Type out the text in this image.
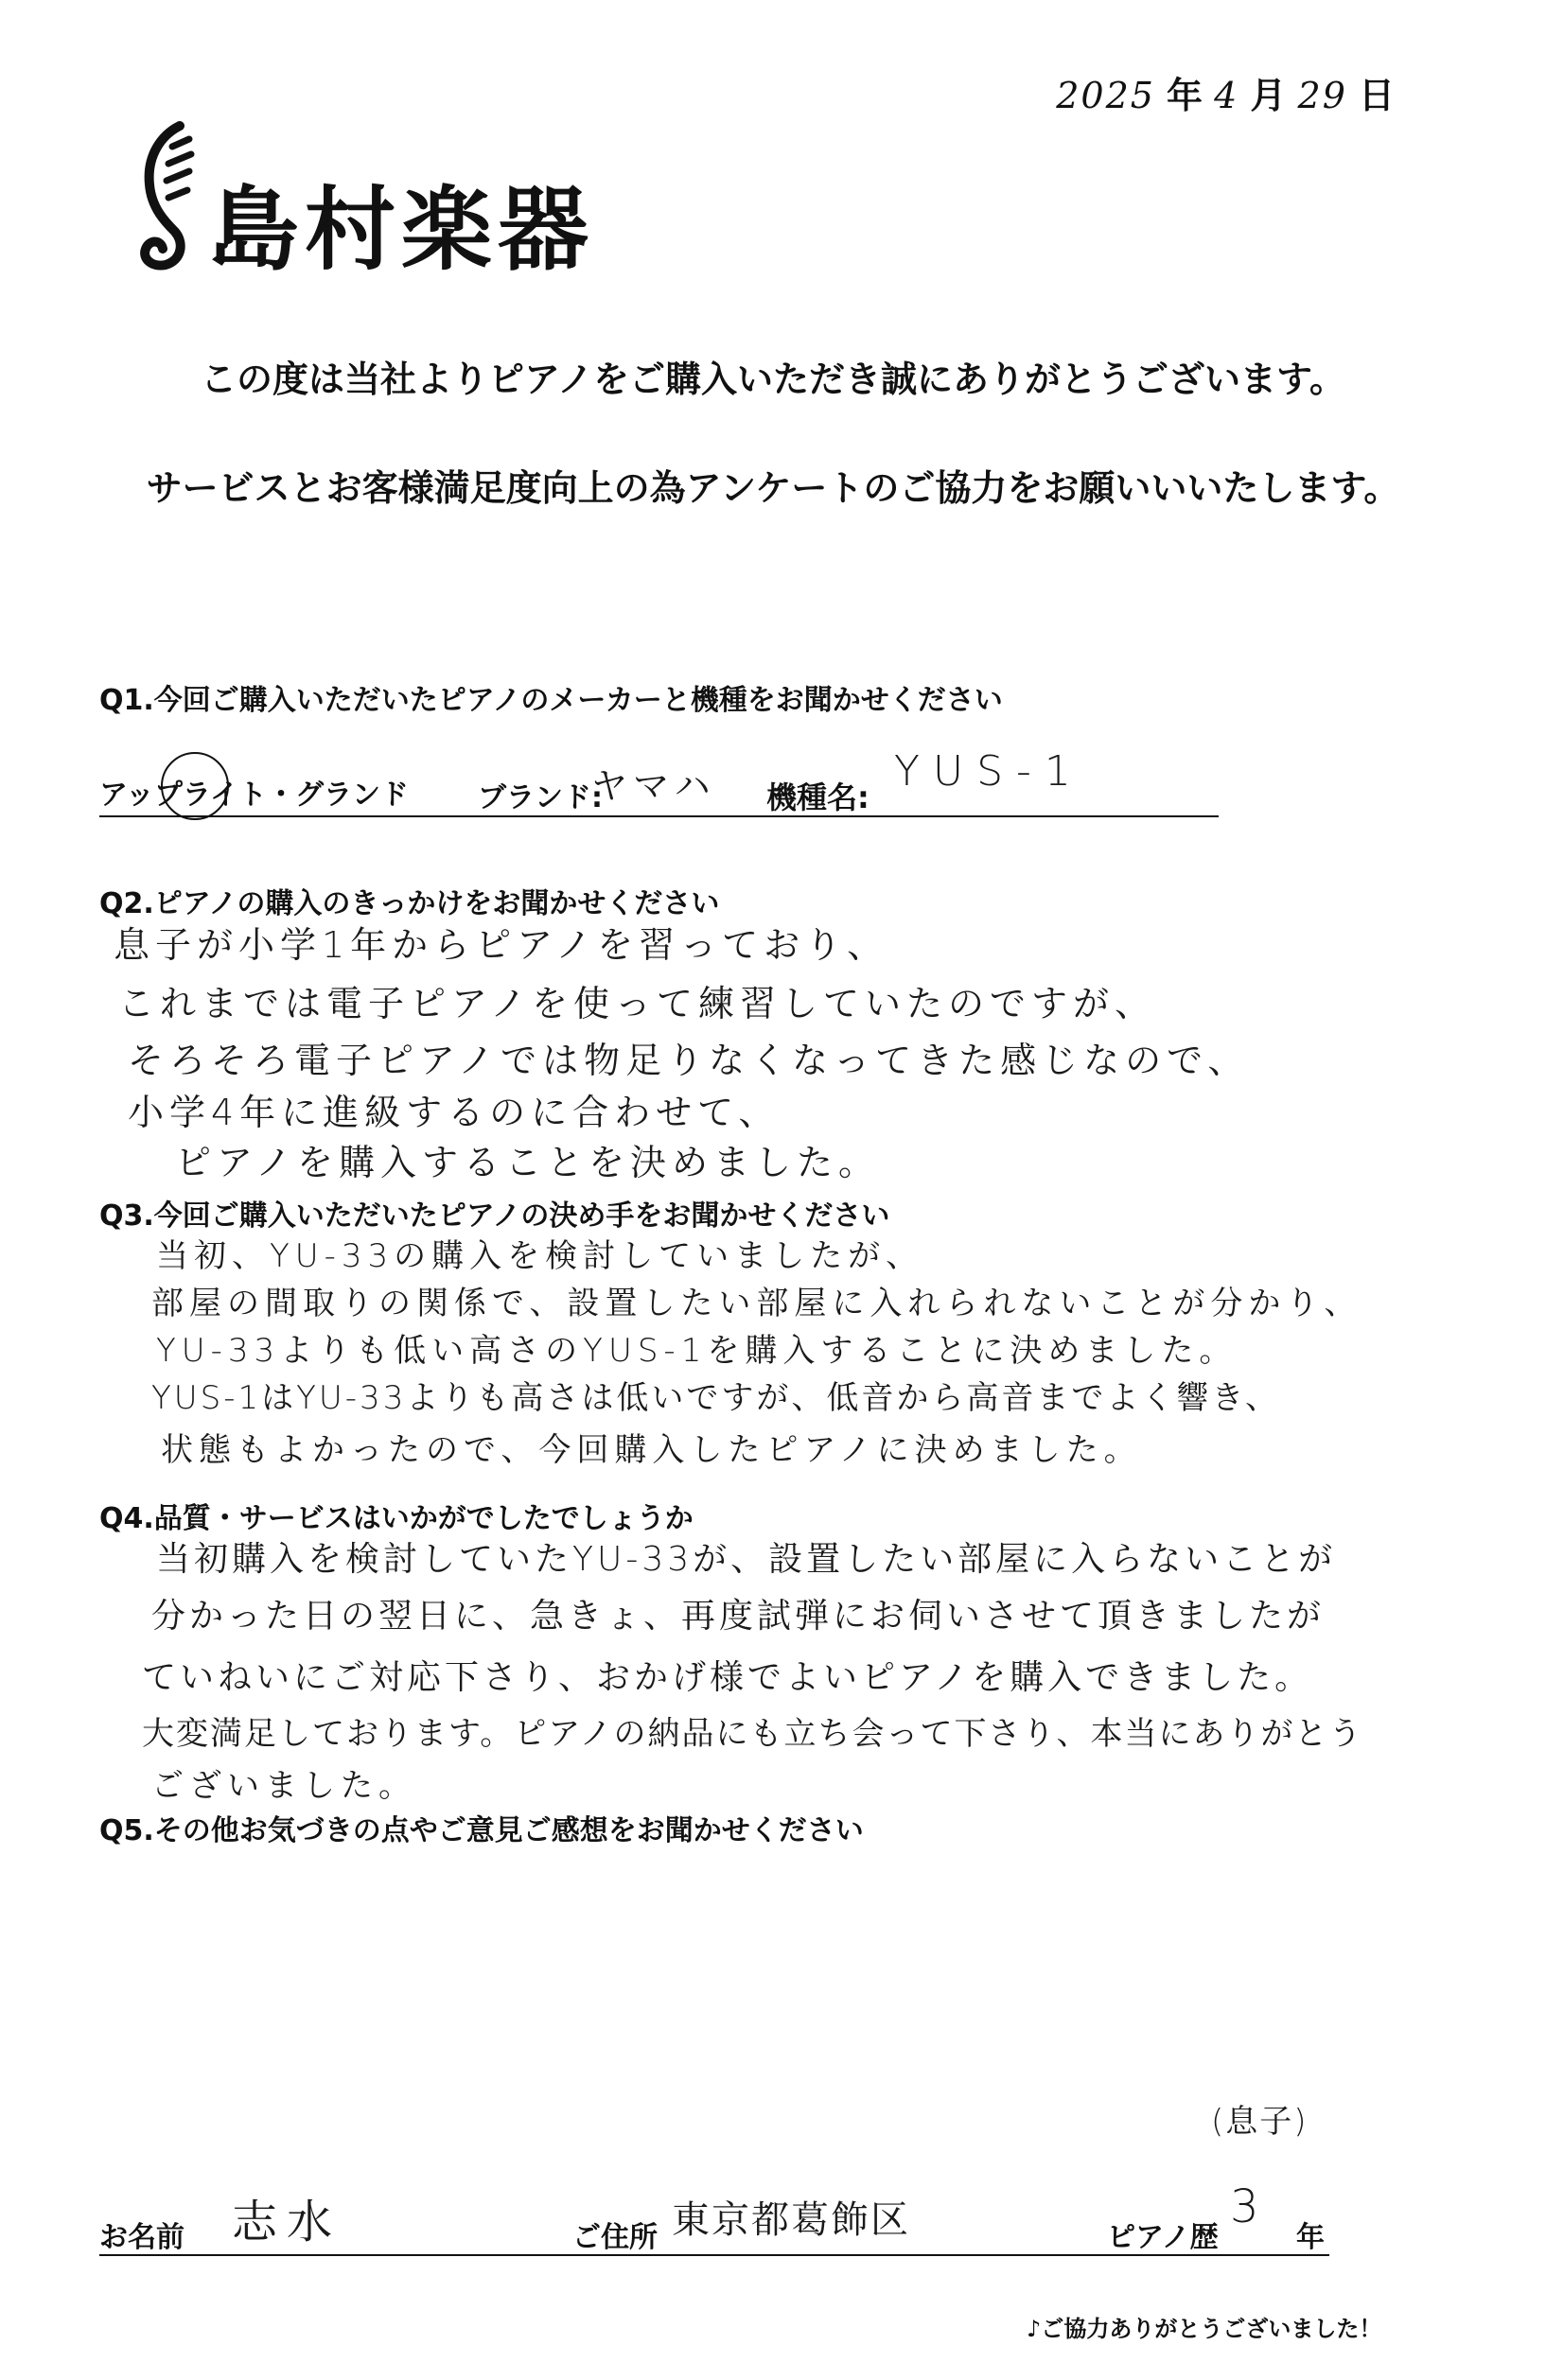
2025 年 4 月 29 日
島村楽器
この度は当社よりピアノをご購入いただき誠にありがとうございます。
サービスとお客様満足度向上の為アンケートのご協力をお願いいいたします。
Q1.今回ご購入いただいたピアノのメーカーと機種をお聞かせください
アップライト・グランド ブランド:
ヤマハ 機種名:
YUS-1
Q2.ピアノの購入のきっかけをお聞かせください
息子が小学1年からピアノを習っており、
これまでは電子ピアノを使って練習していたのですが、
そろそろ電子ピアノでは物足りなくなってきた感じなので、
小学4年に進級するのに合わせて、
ピアノを購入することを決めました。
Q3.今回ご購入いただいたピアノの決め手をお聞かせください
当初、YU-33の購入を検討していましたが、
部屋の間取りの関係で、設置したい部屋に入れられないことが分かり、
YU-33よりも低い高さのYUS-1を購入することに決めました。
YUS-1はYU-33よりも高さは低いですが、低音から高音までよく響き、
状態もよかったので、今回購入したピアノに決めました。
Q4.品質・サービスはいかがでしたでしょうか
当初購入を検討していたYU-33が、設置したい部屋に入らないことが
分かった日の翌日に、急きょ、再度試弾にお伺いさせて頂きましたが
ていねいにご対応下さり、おかげ様でよいピアノを購入できました。
大変満足しております。ピアノの納品にも立ち会って下さり、本当にありがとう
ございました。
Q5.その他お気づきの点やご意見ご感想をお聞かせください
お名前 志水	ご住所 東京都葛飾区
(息子)
ピアノ歴
3
年
♪ご協力ありがとうございました！
